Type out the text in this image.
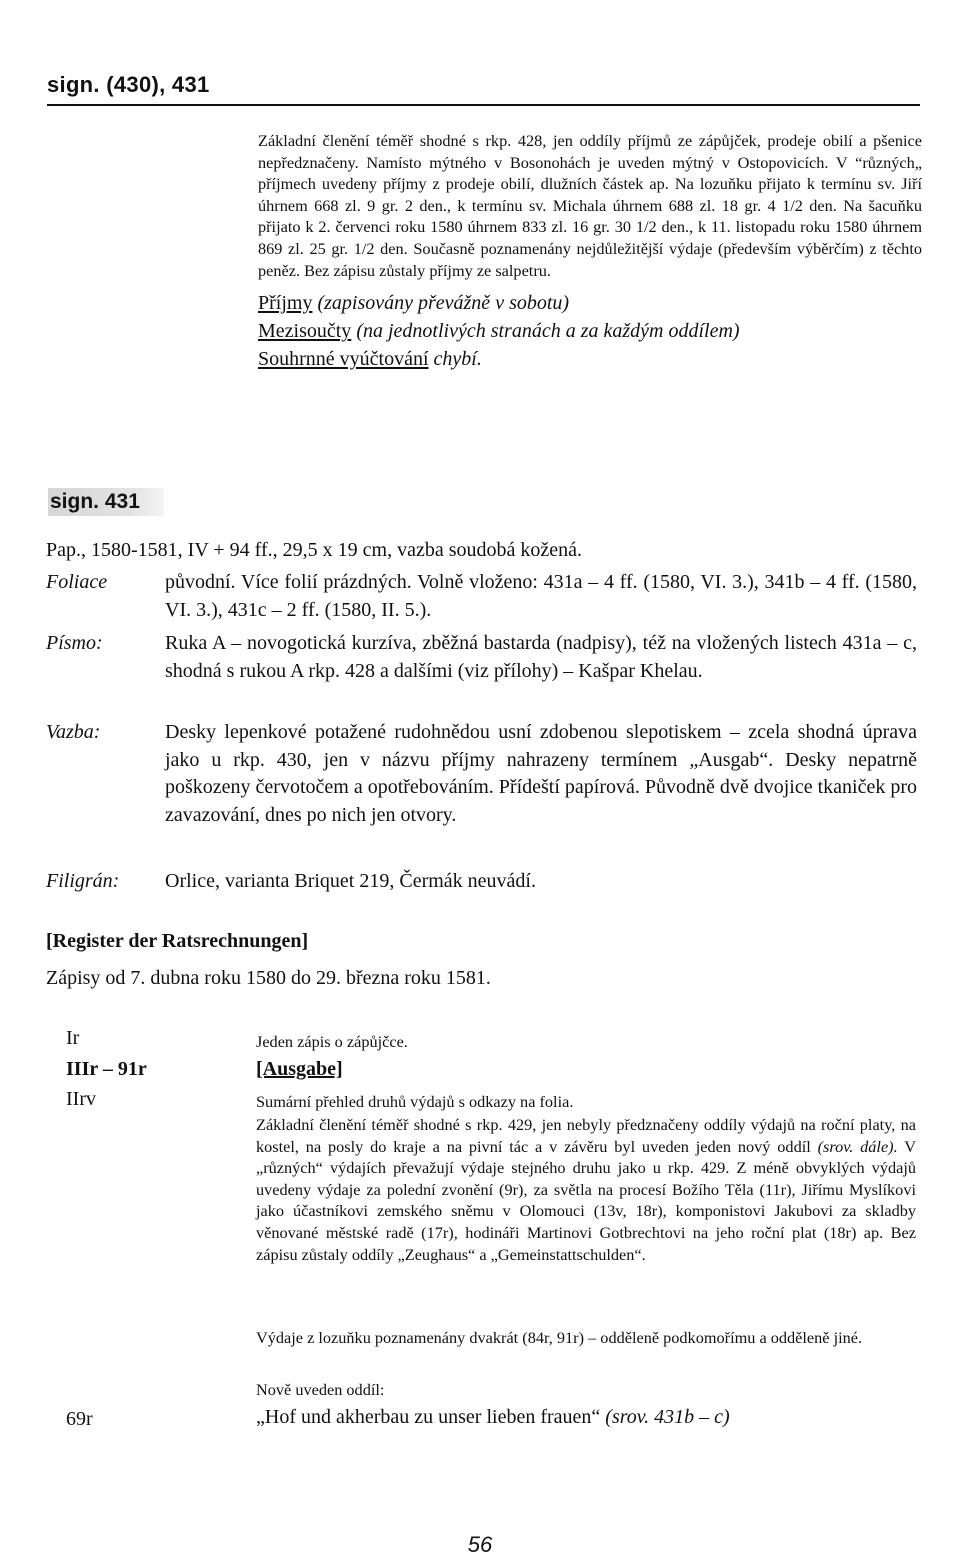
sign. (430), 431
Základní členění téměř shodné s rkp. 428, jen oddíly příjmů ze zápůjček, prodeje obilí a pšenice nepředznačeny. Namísto mýtného v Bosonohách je uveden mýtný v Ostopovicích. V “různých„ příjmech uvedeny příjmy z prodeje obilí, dlužních částek ap. Na lozuňku přijato k termínu sv. Jiří úhrnem 668 zl. 9 gr. 2 den., k termínu sv. Michala úhrnem 688 zl. 18 gr. 4 1/2 den. Na šacuňku přijato k 2. červenci roku 1580 úhrnem 833 zl. 16 gr. 30 1/2 den., k 11. listopadu roku 1580 úhrnem 869 zl. 25 gr. 1/2 den. Současně poznamenány nejdůležitější výdaje (především výběrčím) z těchto peněz. Bez zápisu zůstaly příjmy ze salpetru.
Příjmy (zapisovány převážně v sobotu)
Mezisoučty (na jednotlivých stranách a za každým oddílem)
Souhrnné vyúčtování chybí.
sign. 431
Pap., 1580-1581, IV + 94 ff., 29,5 x 19 cm, vazba soudobá kožená.
Foliace	původní. Více folií prázdných. Volně vloženo: 431a – 4 ff. (1580, VI. 3.), 341b – 4 ff. (1580, VI. 3.), 431c – 2 ff. (1580, II. 5.).
Písmo:	Ruka A – novogotická kurzíva, zběžná bastarda (nadpisy), též na vložených listech 431a – c, shodná s rukou A rkp. 428 a dalšími (viz přílohy) – Kašpar Khelau.
Vazba:	Desky lepenkové potažené rudohnědou usní zdobenou slepotiskem – zcela shodná úprava jako u rkp. 430, jen v názvu příjmy nahrazeny termínem „Ausgab“. Desky nepatrně poškozeny červotočem a opotřebováním. Přídeští papírová. Původně dvě dvojice tkaniček pro zavazování, dnes po nich jen otvory.
Filigrán:	Orlice, varianta Briquet 219, Čermák neuvádí.
[Register der Ratsrechnungen]
Zápisy od 7. dubna roku 1580 do 29. března roku 1581.
Ir	Jeden zápis o zápůjčce.
IIIr – 91r	[Ausgabe]
IIrv	Sumární přehled druhů výdajů s odkazy na folia.
Základní členění téměř shodné s rkp. 429, jen nebyly předznačeny oddíly výdajů na roční platy, na kostel, na posly do kraje a na pivní tác a v závěru byl uveden jeden nový oddíl (srov. dále). V „různých“ výdajích převažují výdaje stejného druhu jako u rkp. 429. Z méně obvyklých výdajů uvedeny výdaje za polední zvonění (9r), za světla na procesí Božího Těla (11r), Jiřímu Myslíkovi jako účastníkovi zemského sněmu v Olomouci (13v, 18r), komponistovi Jakubovi za skladby věnované městské radě (17r), hodináři Martinovi Gotbrechtovi na jeho roční plat (18r) ap. Bez zápisu zůstaly oddíly „Zeughaus“ a „Gemeinstattschulden“.
Výdaje z lozuňku poznamenány dvakrát (84r, 91r) – odděleně podkomořímu a odděleně jiné.
Nově uveden oddíl:
69r	„Hof und akherbau zu unser lieben frauen“ (srov. 431b – c)
56
